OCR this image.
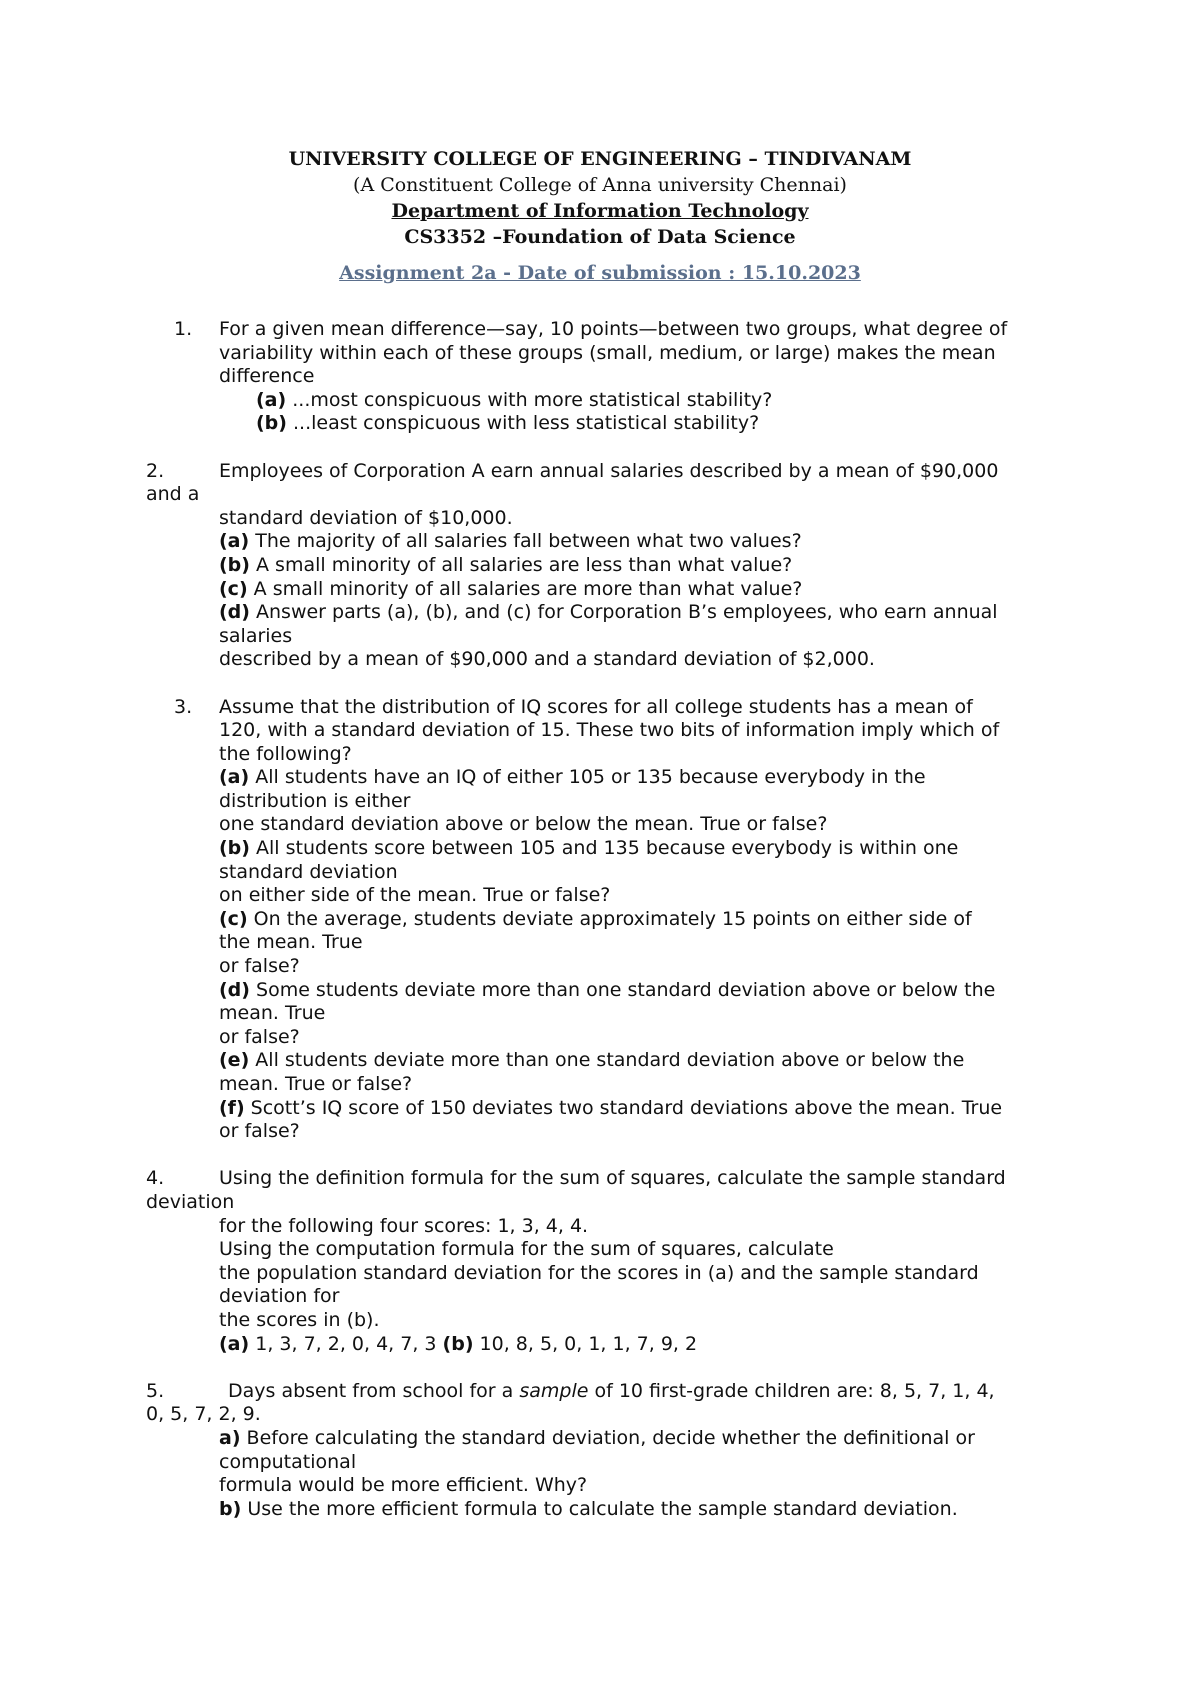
UNIVERSITY COLLEGE OF ENGINEERING – TINDIVANAM
(A Constituent College of Anna university Chennai)
Department of Information Technology
CS3352 –Foundation of Data Science
Assignment 2a - Date of submission : 15.10.2023
1. For a given mean difference—say, 10 points—between two groups, what degree of
variability within each of these groups (small, medium, or large) makes the mean
difference
(a) ...most conspicuous with more statistical stability?
(b) ...least conspicuous with less statistical stability?
2.	Employees of Corporation A earn annual salaries described by a mean of $90,000
and a
standard deviation of $10,000.
(a) The majority of all salaries fall between what two values?
(b) A small minority of all salaries are less than what value?
(c) A small minority of all salaries are more than what value?
(d) Answer parts (a), (b), and (c) for Corporation B’s employees, who earn annual
salaries
described by a mean of $90,000 and a standard deviation of $2,000.
3. Assume that the distribution of IQ scores for all college students has a mean of
120, with a standard deviation of 15. These two bits of information imply which of
the following?
(a) All students have an IQ of either 105 or 135 because everybody in the
distribution is either
one standard deviation above or below the mean. True or false?
(b) All students score between 105 and 135 because everybody is within one
standard deviation
on either side of the mean. True or false?
(c) On the average, students deviate approximately 15 points on either side of
the mean. True
or false?
(d) Some students deviate more than one standard deviation above or below the
mean. True
or false?
(e) All students deviate more than one standard deviation above or below the
mean. True or false?
(f) Scott’s IQ score of 150 deviates two standard deviations above the mean. True
or false?
4.	Using the definition formula for the sum of squares, calculate the sample standard
deviation
for the following four scores: 1, 3, 4, 4.
Using the computation formula for the sum of squares, calculate
the population standard deviation for the scores in (a) and the sample standard
deviation for
the scores in (b).
(a) 1, 3, 7, 2, 0, 4, 7, 3 (b) 10, 8, 5, 0, 1, 1, 7, 9, 2
5.	Days absent from school for a sample of 10 first-grade children are: 8, 5, 7, 1, 4,
0, 5, 7, 2, 9.
a) Before calculating the standard deviation, decide whether the definitional or
computational
formula would be more efficient. Why?
b) Use the more efficient formula to calculate the sample standard deviation.
